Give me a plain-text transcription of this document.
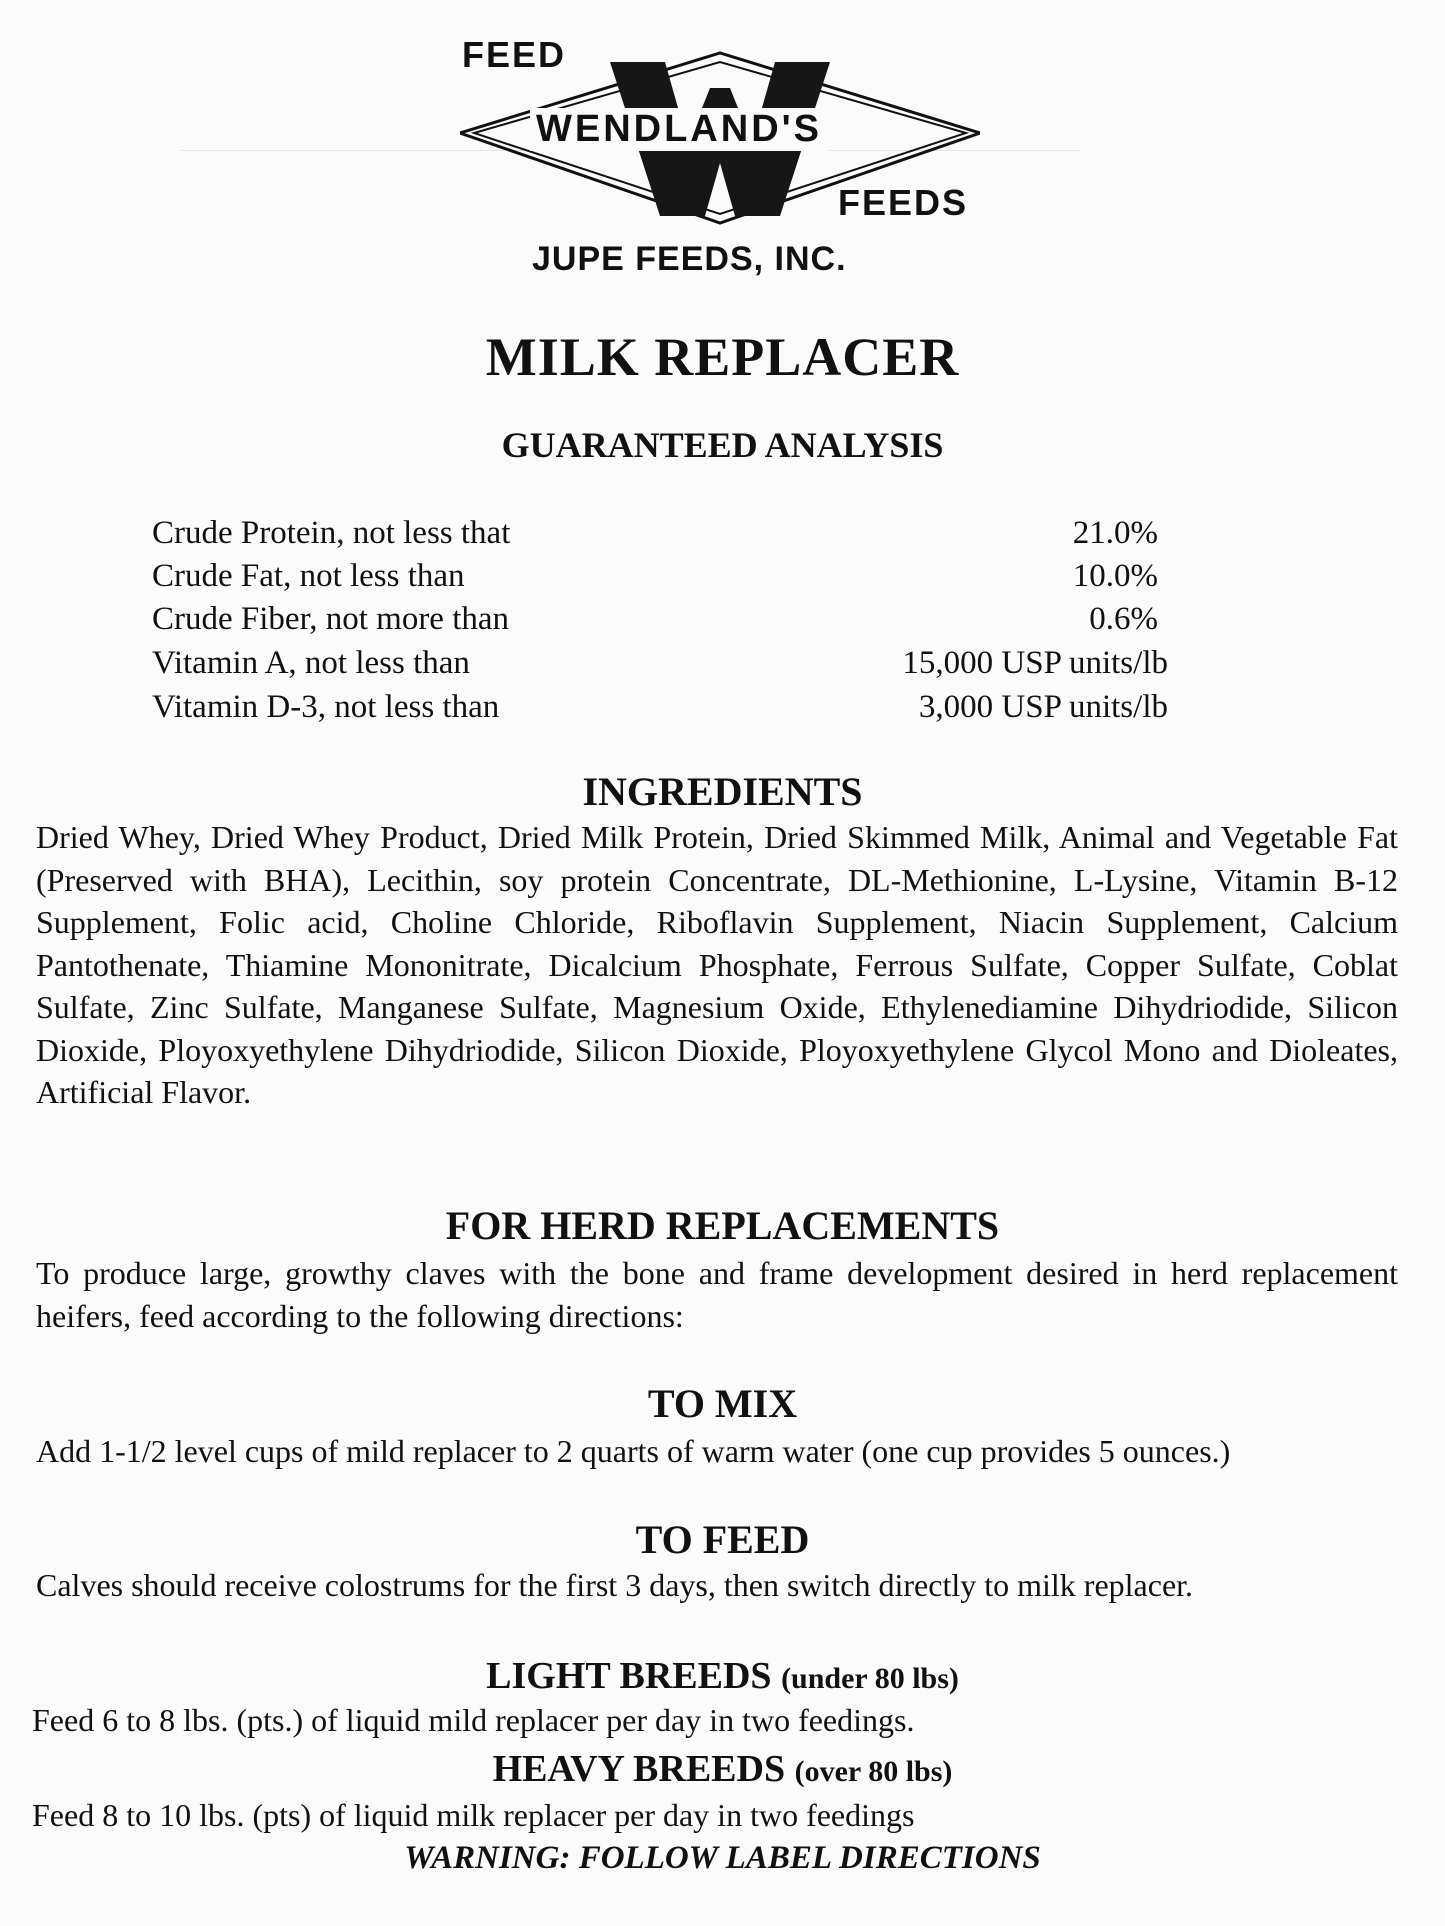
FEED
WENDLAND'S
FEEDS
JUPE FEEDS, INC.
MILK REPLACER
GUARANTEED ANALYSIS
Crude Protein, not less that	21.0%
Crude Fat, not less than	10.0%
Crude Fiber, not more than	0.6%
Vitamin A, not less than	15,000 USP units/lb
Vitamin D-3, not less than	3,000 USP units/lb
INGREDIENTS
Dried Whey, Dried Whey Product, Dried Milk Protein, Dried Skimmed Milk, Animal and Vegetable Fat (Preserved with BHA), Lecithin, soy protein Concentrate, DL-Methionine, L-Lysine, Vitamin B-12 Supplement, Folic acid, Choline Chloride, Riboflavin Supplement, Niacin Supplement, Calcium Pantothenate, Thiamine Mononitrate, Dicalcium Phosphate, Ferrous Sulfate, Copper Sulfate, Coblat Sulfate, Zinc Sulfate, Manganese Sulfate, Magnesium Oxide, Ethylenediamine Dihydriodide, Silicon Dioxide, Ployoxyethylene Dihydriodide, Silicon Dioxide, Ployoxyethylene Glycol Mono and Dioleates, Artificial Flavor.
FOR HERD REPLACEMENTS
To produce large, growthy claves with the bone and frame development desired in herd replacement heifers, feed according to the following directions:
TO MIX
Add 1-1/2 level cups of mild replacer to 2 quarts of warm water (one cup provides 5 ounces.)
TO FEED
Calves should receive colostrums for the first 3 days, then switch directly to milk replacer.
LIGHT BREEDS (under 80 lbs)
Feed 6 to 8 lbs. (pts.) of liquid mild replacer per day in two feedings.
HEAVY BREEDS (over 80 lbs)
Feed 8 to 10 lbs. (pts) of liquid milk replacer per day in two feedings
WARNING: FOLLOW LABEL DIRECTIONS
